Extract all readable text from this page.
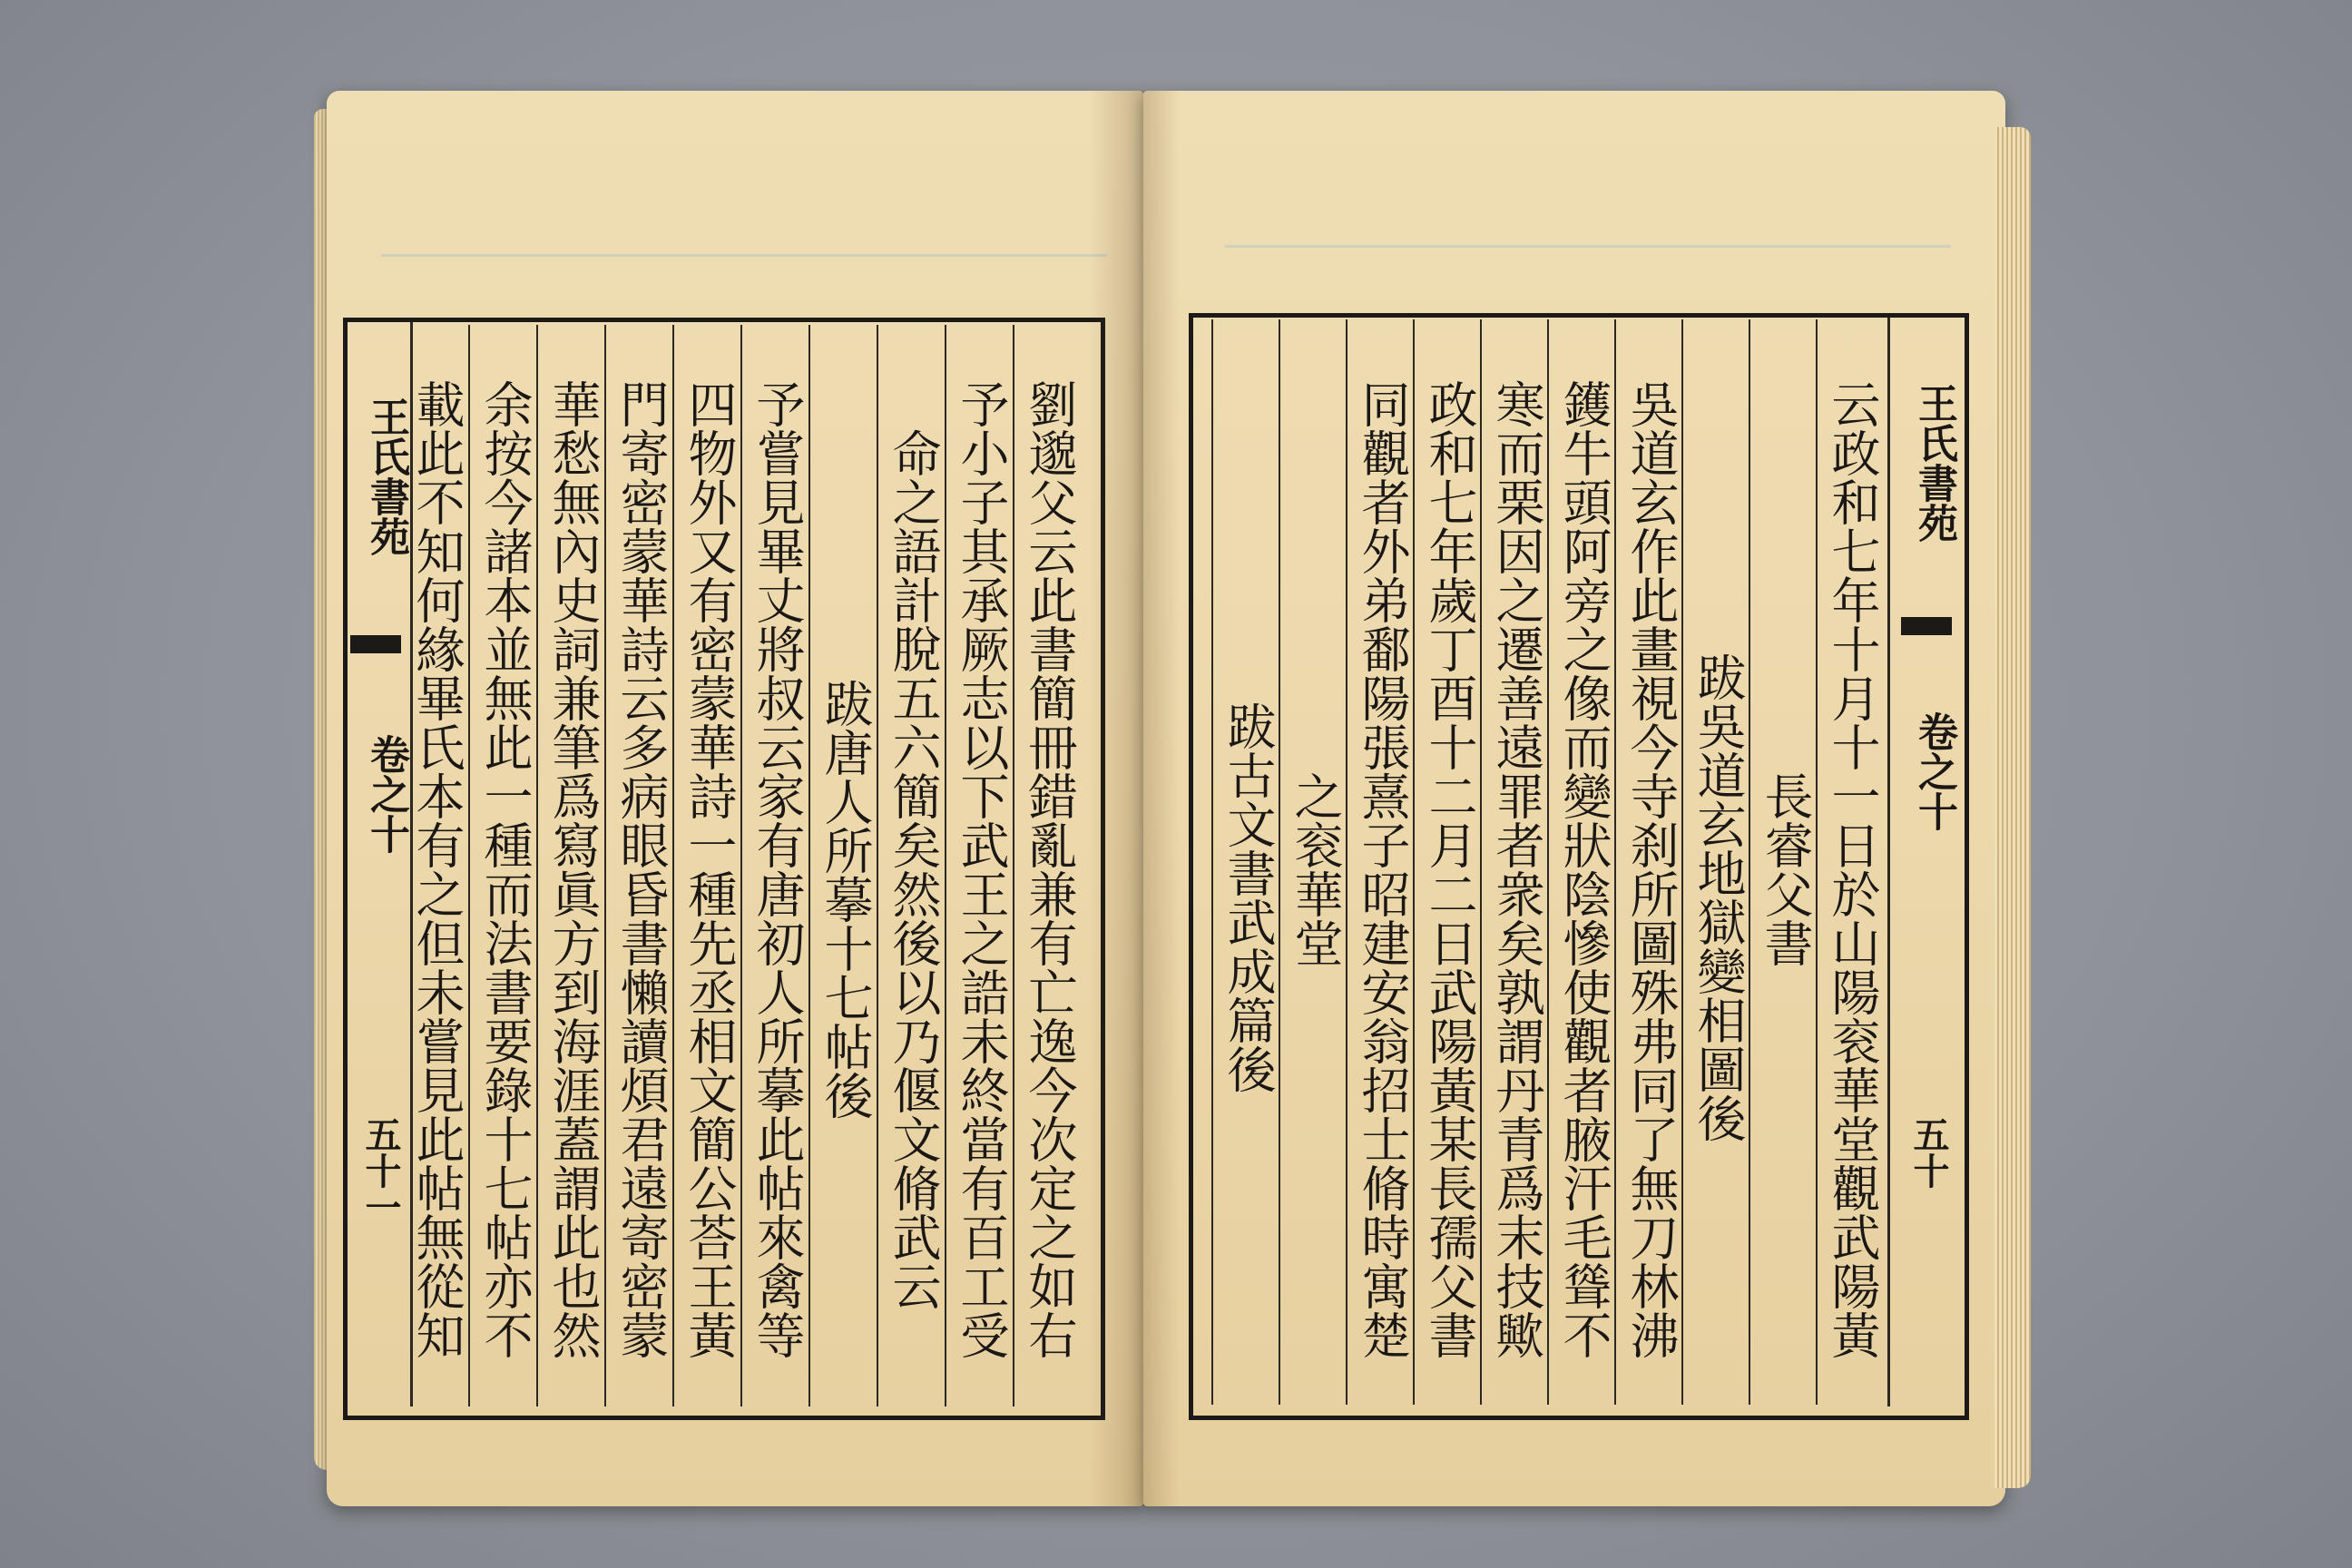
王氏書苑
卷之十
五十一	劉邈父云此書簡冊錯亂兼有亡逸今次定之如右
予小子其承厥志以下武王之誥未終當有百工受
命之語計脫五六簡矣然後以乃偃文脩武云
跋唐人所摹十七帖後
予嘗見畢丈將叔云家有唐初人所摹此帖來禽等
四物外又有密蒙華詩一種先丞相文簡公荅王黃
門寄密蒙華詩云多病眼昏書懶讀煩君遠寄密蒙
華愁無內史詞兼筆爲寫眞方到海涯蓋謂此也然
余按今諸本並無此一種而法書要錄十七帖亦不
載此不知何緣畢氏本有之但未嘗見此帖無從知	王氏書苑
卷之十
五十
云政和七年十月十一日於山陽衮華堂觀武陽黃
長睿父書
跋吳道玄地獄變相圖後
吳道玄作此畫視今寺刹所圖殊弗同了無刀林沸
鑊牛頭阿旁之像而變狀陰慘使觀者腋汗毛聳不
寒而栗因之遷善遠罪者衆矣孰謂丹青爲末技歟
政和七年歲丁酉十二月二日武陽黃某長孺父書
同觀者外弟鄱陽張熹子昭建安翁招士脩時寓楚
之衮華堂
跋古文書武成篇後
